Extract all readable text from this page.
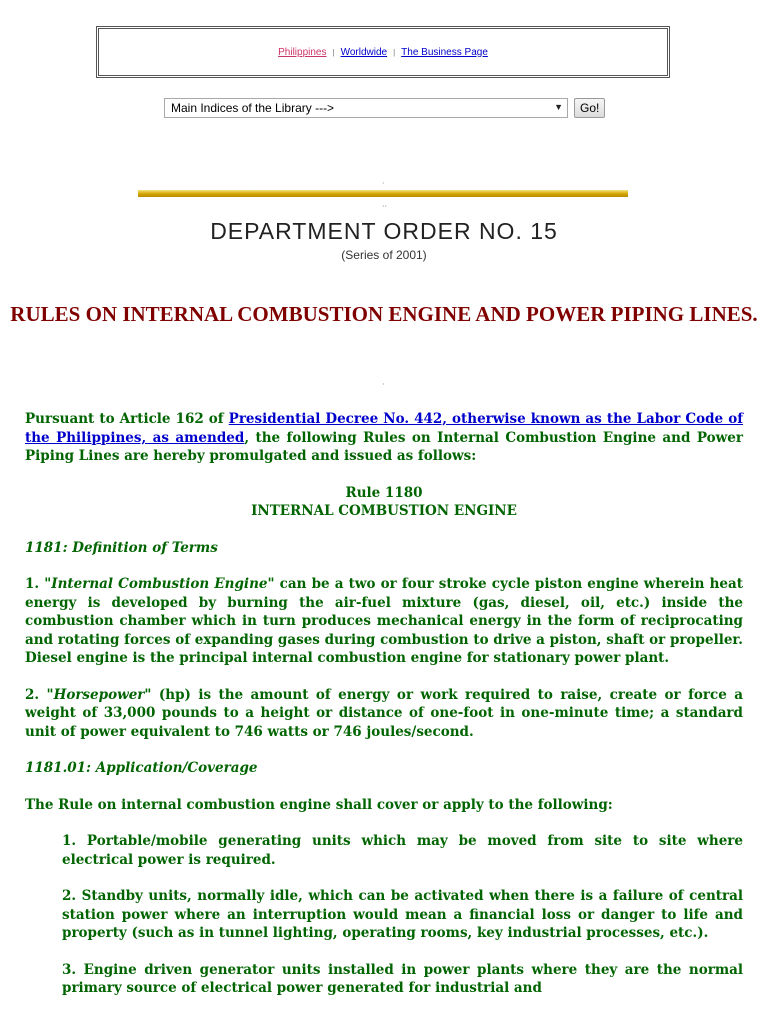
Philippines | Worldwide | The Business Page
Main Indices of the Library --->	▼	Go!
·
··
DEPARTMENT ORDER NO. 15
(Series of 2001)
RULES ON INTERNAL COMBUSTION ENGINE AND POWER PIPING LINES.
·

Pursuant to Article 162 of Presidential Decree No. 442, otherwise known as the Labor Code of the Philippines, as amended, the following Rules on Internal Combustion Engine and Power Piping Lines are hereby promulgated and issued as follows:

Rule 1180
INTERNAL COMBUSTION ENGINE

1181: Definition of Terms

1. "Internal Combustion Engine" can be a two or four stroke cycle piston engine wherein heat energy is developed by burning the air-fuel mixture (gas, diesel, oil, etc.) inside the combustion chamber which in turn produces mechanical energy in the form of reciprocating and rotating forces of expanding gases during combustion to drive a piston, shaft or propeller. Diesel engine is the principal internal combustion engine for stationary power plant.

2. "Horsepower" (hp) is the amount of energy or work required to raise, create or force a weight of 33,000 pounds to a height or distance of one-foot in one-minute time; a standard unit of power equivalent to 746 watts or 746 joules/second.

1181.01: Application/Coverage

The Rule on internal combustion engine shall cover or apply to the following:

1. Portable/mobile generating units which may be moved from site to site where electrical power is required.

2. Standby units, normally idle, which can be activated when there is a failure of central station power where an interruption would mean a financial loss or danger to life and property (such as in tunnel lighting, operating rooms, key industrial processes, etc.).

3. Engine driven generator units installed in power plants where they are the normal primary source of electrical power generated for industrial and
